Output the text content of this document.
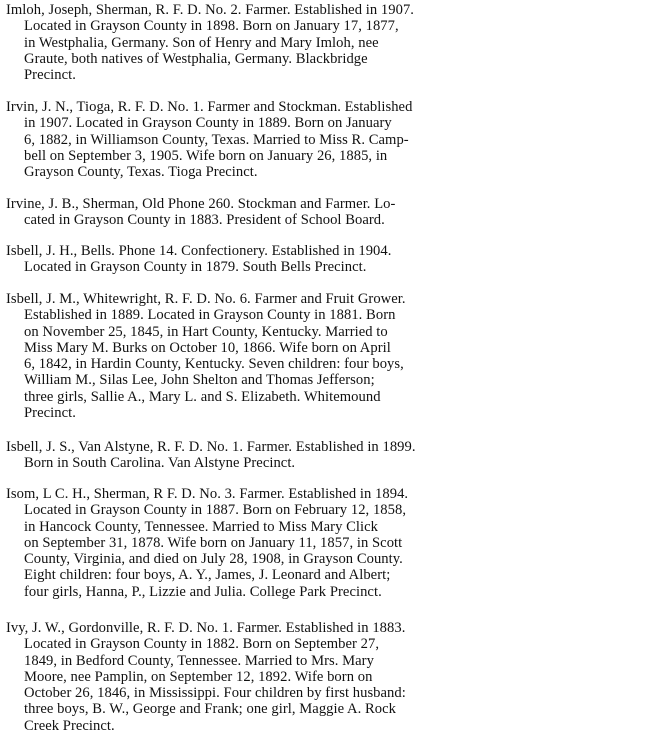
Imloh, Joseph, Sherman, R. F. D. No. 2. Farmer. Established in 1907.
Located in Grayson County in 1898. Born on January 17, 1877,
in Westphalia, Germany. Son of Henry and Mary Imloh, nee
Graute, both natives of Westphalia, Germany. Blackbridge
Precinct.
Irvin, J. N., Tioga, R. F. D. No. 1. Farmer and Stockman. Established
in 1907. Located in Grayson County in 1889. Born on January
6, 1882, in Williamson County, Texas. Married to Miss R. Camp-
bell on September 3, 1905. Wife born on January 26, 1885, in
Grayson County, Texas. Tioga Precinct.
Irvine, J. B., Sherman, Old Phone 260. Stockman and Farmer. Lo-
cated in Grayson County in 1883. President of School Board.
Isbell, J. H., Bells. Phone 14. Confectionery. Established in 1904.
Located in Grayson County in 1879. South Bells Precinct.
Isbell, J. M., Whitewright, R. F. D. No. 6. Farmer and Fruit Grower.
Established in 1889. Located in Grayson County in 1881. Born
on November 25, 1845, in Hart County, Kentucky. Married to
Miss Mary M. Burks on October 10, 1866. Wife born on April
6, 1842, in Hardin County, Kentucky. Seven children: four boys,
William M., Silas Lee, John Shelton and Thomas Jefferson;
three girls, Sallie A., Mary L. and S. Elizabeth. Whitemound
Precinct.
Isbell, J. S., Van Alstyne, R. F. D. No. 1. Farmer. Established in 1899.
Born in South Carolina. Van Alstyne Precinct.
Isom, L C. H., Sherman, R F. D. No. 3. Farmer. Established in 1894.
Located in Grayson County in 1887. Born on February 12, 1858,
in Hancock County, Tennessee. Married to Miss Mary Click
on September 31, 1878. Wife born on January 11, 1857, in Scott
County, Virginia, and died on July 28, 1908, in Grayson County.
Eight children: four boys, A. Y., James, J. Leonard and Albert;
four girls, Hanna, P., Lizzie and Julia. College Park Precinct.
Ivy, J. W., Gordonville, R. F. D. No. 1. Farmer. Established in 1883.
Located in Grayson County in 1882. Born on September 27,
1849, in Bedford County, Tennessee. Married to Mrs. Mary
Moore, nee Pamplin, on September 12, 1892. Wife born on
October 26, 1846, in Mississippi. Four children by first husband:
three boys, B. W., George and Frank; one girl, Maggie A. Rock
Creek Precinct.
